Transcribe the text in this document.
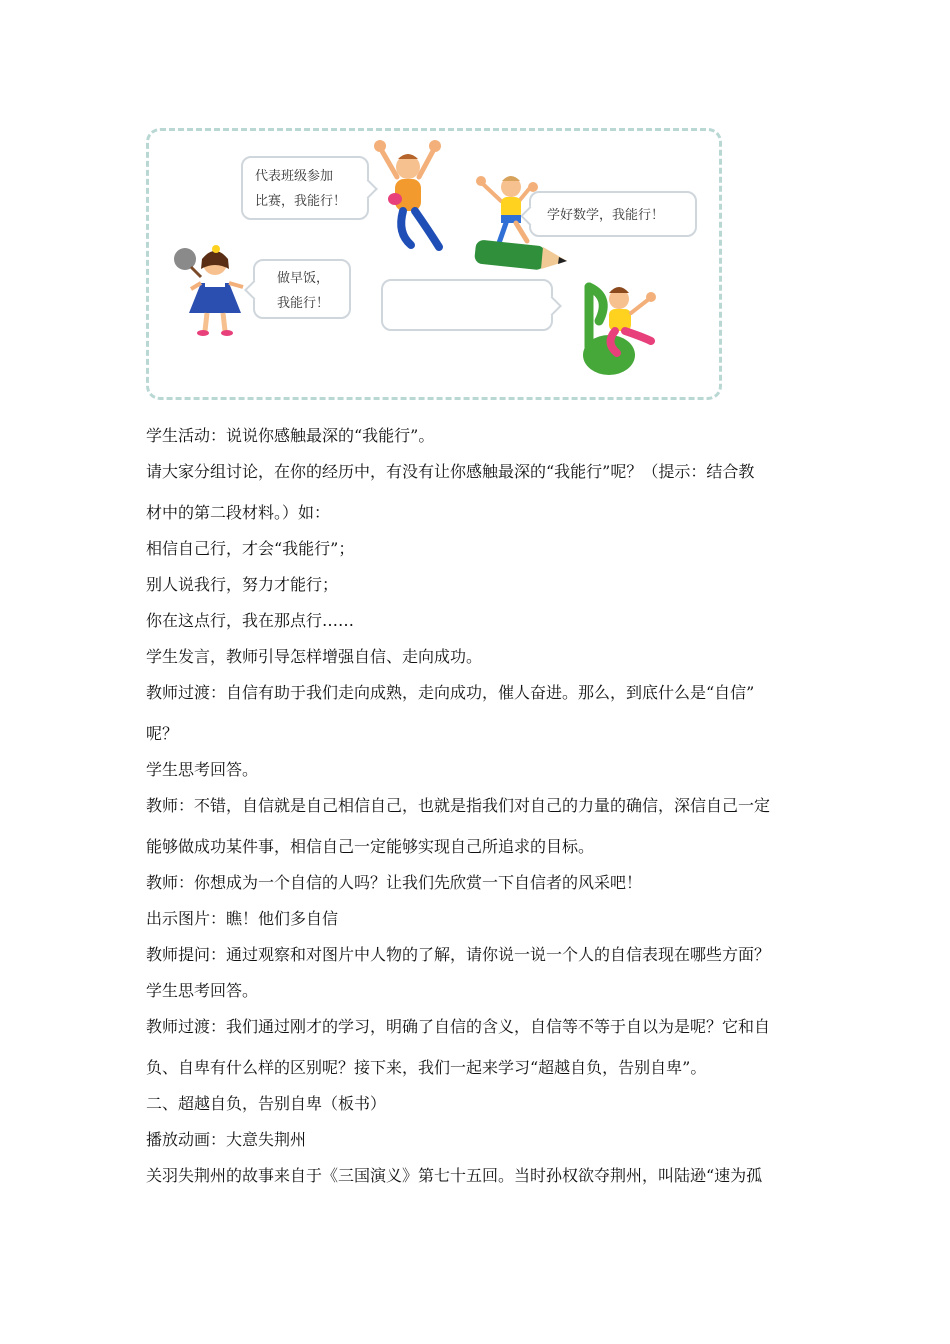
代表班级参加
比赛，我能行！
学好数学，我能行！
做早饭，
我能行！
学生活动：说说你感触最深的“我能行”。
请大家分组讨论，在你的经历中，有没有让你感触最深的“我能行”呢？（提示：结合教
材中的第二段材料。）如：
相信自己行，才会“我能行”；
别人说我行，努力才能行；
你在这点行，我在那点行……
学生发言，教师引导怎样增强自信、走向成功。
教师过渡：自信有助于我们走向成熟，走向成功，催人奋进。那么，到底什么是“自信”
呢？
学生思考回答。
教师：不错，自信就是自己相信自己，也就是指我们对自己的力量的确信，深信自己一定
能够做成功某件事，相信自己一定能够实现自己所追求的目标。
教师：你想成为一个自信的人吗？让我们先欣赏一下自信者的风采吧！
出示图片：瞧！他们多自信
教师提问：通过观察和对图片中人物的了解，请你说一说一个人的自信表现在哪些方面？
学生思考回答。
教师过渡：我们通过刚才的学习，明确了自信的含义，自信等不等于自以为是呢？它和自
负、自卑有什么样的区别呢？接下来，我们一起来学习“超越自负，告别自卑”。
二、超越自负，告别自卑（板书）
播放动画：大意失荆州
关羽失荆州的故事来自于《三国演义》第七十五回。当时孙权欲夺荆州，叫陆逊“速为孤
